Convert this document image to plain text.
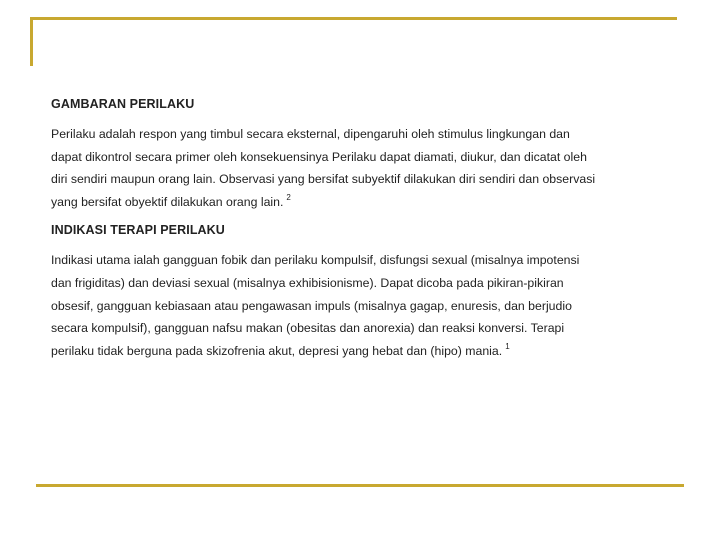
GAMBARAN PERILAKU

Perilaku adalah respon yang timbul secara eksternal, dipengaruhi oleh stimulus lingkungan dan
dapat dikontrol secara primer oleh konsekuensinya Perilaku dapat diamati, diukur, dan dicatat oleh
diri sendiri maupun orang lain. Observasi yang bersifat subyektif dilakukan diri sendiri dan observasi
yang bersifat obyektif dilakukan orang lain. $^2$

INDIKASI TERAPI PERILAKU

Indikasi utama ialah gangguan fobik dan perilaku kompulsif, disfungsi sexual (misalnya impotensi
dan frigiditas) dan deviasi sexual (misalnya exhibisionisme). Dapat dicoba pada pikiran-pikiran
obsesif, gangguan kebiasaan atau pengawasan impuls (misalnya gagap, enuresis, dan berjudio
secara kompulsif), gangguan nafsu makan (obesitas dan anorexia) dan reaksi konversi. Terapi
perilaku tidak berguna pada skizofrenia akut, depresi yang hebat dan (hipo) mania. $^1$
